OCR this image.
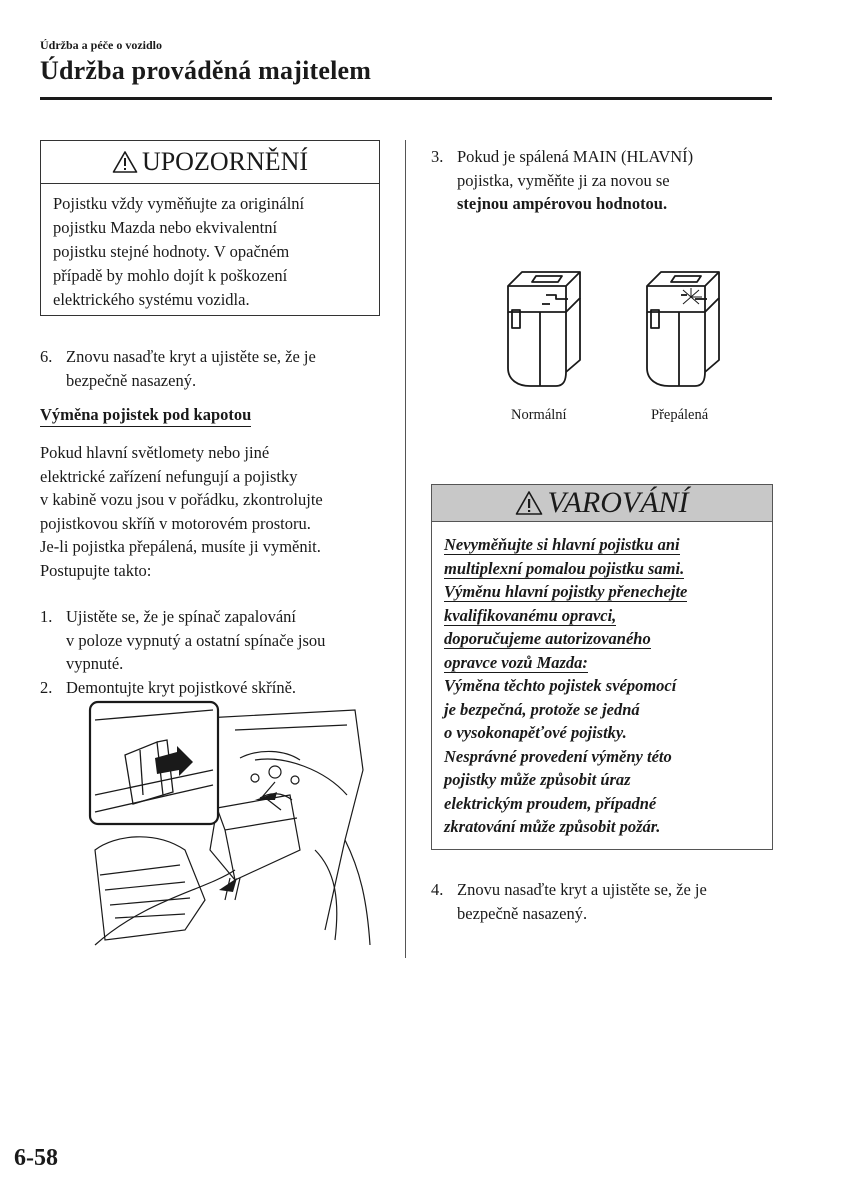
Údržba a péče o vozidlo
Údržba prováděná majitelem
UPOZORNĚNÍ
Pojistku vždy vyměňujte za originální
pojistku Mazda nebo ekvivalentní
pojistku stejné hodnoty. V opačném
případě by mohlo dojít k poškození
elektrického systému vozidla.
6. Znovu nasaďte kryt a ujistěte se, že je
bezpečně nasazený.
Výměna pojistek pod kapotou
Pokud hlavní světlomety nebo jiné
elektrické zařízení nefungují a pojistky
v kabině vozu jsou v pořádku, zkontrolujte
pojistkovou skříň v motorovém prostoru.
Je-li pojistka přepálená, musíte ji vyměnit.
Postupujte takto:
1. Ujistěte se, že je spínač zapalování
v poloze vypnutý a ostatní spínače jsou
vypnuté.
2. Demontujte kryt pojistkové skříně.
3. Pokud je spálená MAIN (HLAVNÍ)
pojistka, vyměňte ji za novou se
stejnou ampérovou hodnotou.
Normální	Přepálená
VAROVÁNÍ
Nevyměňujte si hlavní pojistku ani
multiplexní pomalou pojistku sami.
Výměnu hlavní pojistky přenechejte
kvalifikovanému opravci,
doporučujeme autorizovaného
opravce vozů Mazda:
Výměna těchto pojistek svépomocí
je bezpečná, protože se jedná
o vysokonapěťové pojistky.
Nesprávné provedení výměny této
pojistky může způsobit úraz
elektrickým proudem, případné
zkratování může způsobit požár.
4. Znovu nasaďte kryt a ujistěte se, že je
bezpečně nasazený.
6-58
